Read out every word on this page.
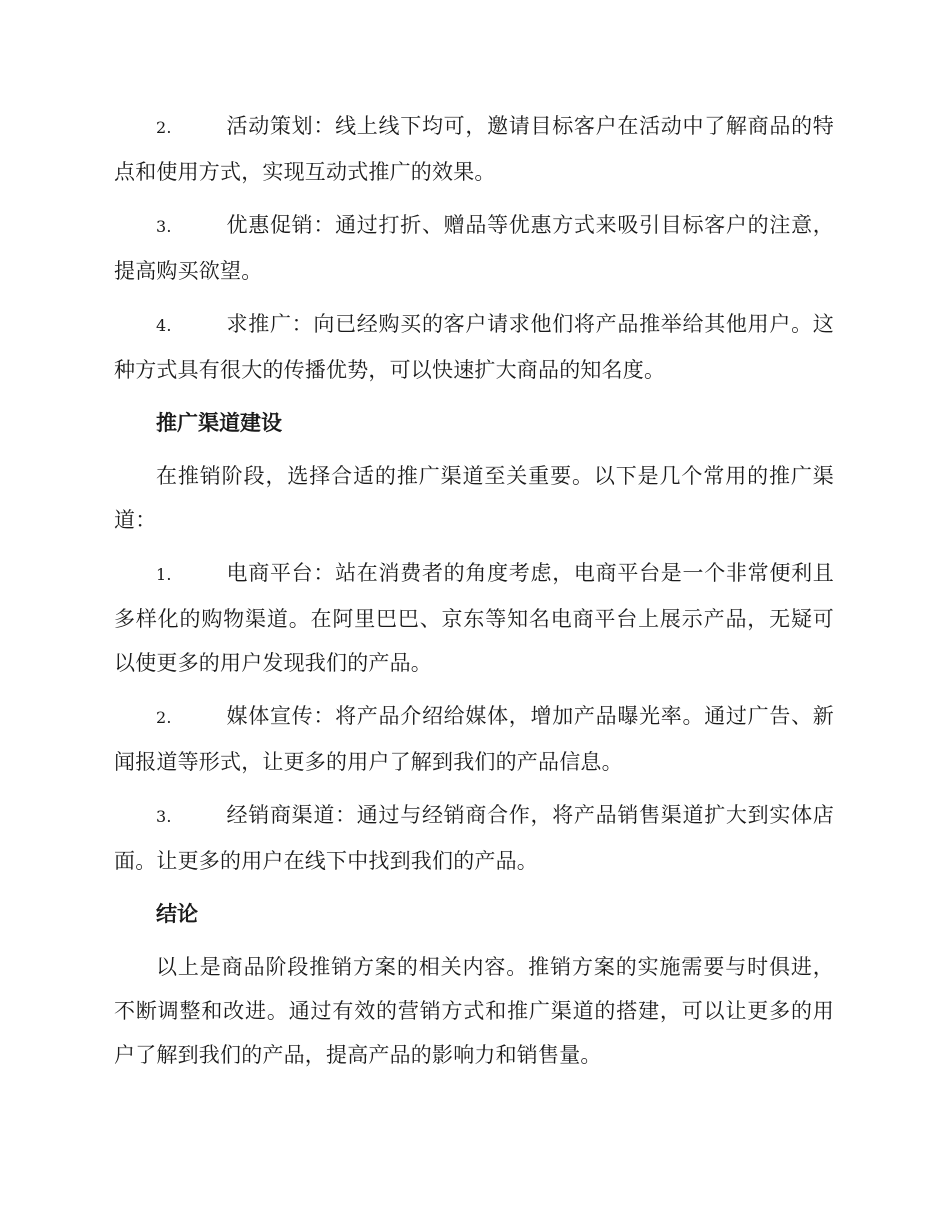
2.	活动策划：线上线下均可，邀请目标客户在活动中了解商品的特点和使用方式，实现互动式推广的效果。

3.	优惠促销：通过打折、赠品等优惠方式来吸引目标客户的注意，提高购买欲望。

4.	求推广：向已经购买的客户请求他们将产品推举给其他用户。这种方式具有很大的传播优势，可以快速扩大商品的知名度。

推广渠道建设

在推销阶段，选择合适的推广渠道至关重要。以下是几个常用的推广渠道：

1.	电商平台：站在消费者的角度考虑，电商平台是一个非常便利且多样化的购物渠道。在阿里巴巴、京东等知名电商平台上展示产品，无疑可以使更多的用户发现我们的产品。

2.	媒体宣传：将产品介绍给媒体，增加产品曝光率。通过广告、新闻报道等形式，让更多的用户了解到我们的产品信息。

3.	经销商渠道：通过与经销商合作，将产品销售渠道扩大到实体店面。让更多的用户在线下中找到我们的产品。

结论

以上是商品阶段推销方案的相关内容。推销方案的实施需要与时俱进，不断调整和改进。通过有效的营销方式和推广渠道的搭建，可以让更多的用户了解到我们的产品，提高产品的影响力和销售量。
